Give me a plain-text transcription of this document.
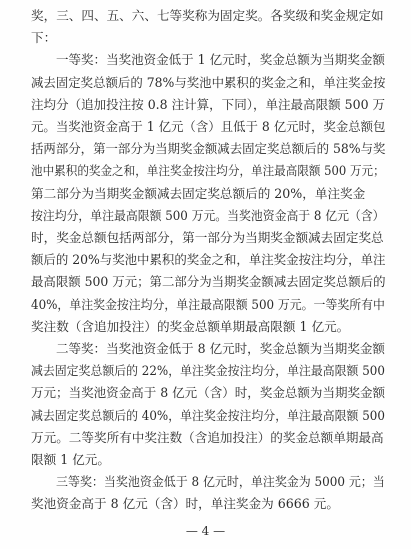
奖，三、四、五、六、七等奖称为固定奖。各奖级和奖金规定如
下：
一等奖：当奖池资金低于 1 亿元时，奖金总额为当期奖金额
减去固定奖总额后的 78%与奖池中累积的奖金之和，单注奖金按
注均分（追加投注按 0.8 注计算，下同），单注最高限额 500 万
元。当奖池资金高于 1 亿元（含）且低于 8 亿元时，奖金总额包
括两部分，第一部分为当期奖金额减去固定奖总额后的 58%与奖
池中累积的奖金之和，单注奖金按注均分，单注最高限额 500 万元；
第二部分为当期奖金额减去固定奖总额后的 20%，单注奖金
按注均分，单注最高限额 500 万元。当奖池资金高于 8 亿元（含）
时，奖金总额包括两部分，第一部分为当期奖金额减去固定奖总
额后的 20%与奖池中累积的奖金之和，单注奖金按注均分，单注
最高限额 500 万元；第二部分为当期奖金额减去固定奖总额后的
40%，单注奖金按注均分，单注最高限额 500 万元。一等奖所有中
奖注数（含追加投注）的奖金总额单期最高限额 1 亿元。
二等奖：当奖池资金低于 8 亿元时，奖金总额为当期奖金额
减去固定奖总额后的 22%，单注奖金按注均分，单注最高限额 500
万元；当奖池资金高于 8 亿元（含）时，奖金总额为当期奖金额
减去固定奖总额后的 40%，单注奖金按注均分，单注最高限额 500
万元。二等奖所有中奖注数（含追加投注）的奖金总额单期最高
限额 1 亿元。
— 4 —
三等奖：当奖池资金低于 8 亿元时，单注奖金为 5000 元；当
奖池资金高于 8 亿元（含）时，单注奖金为 6666 元。
